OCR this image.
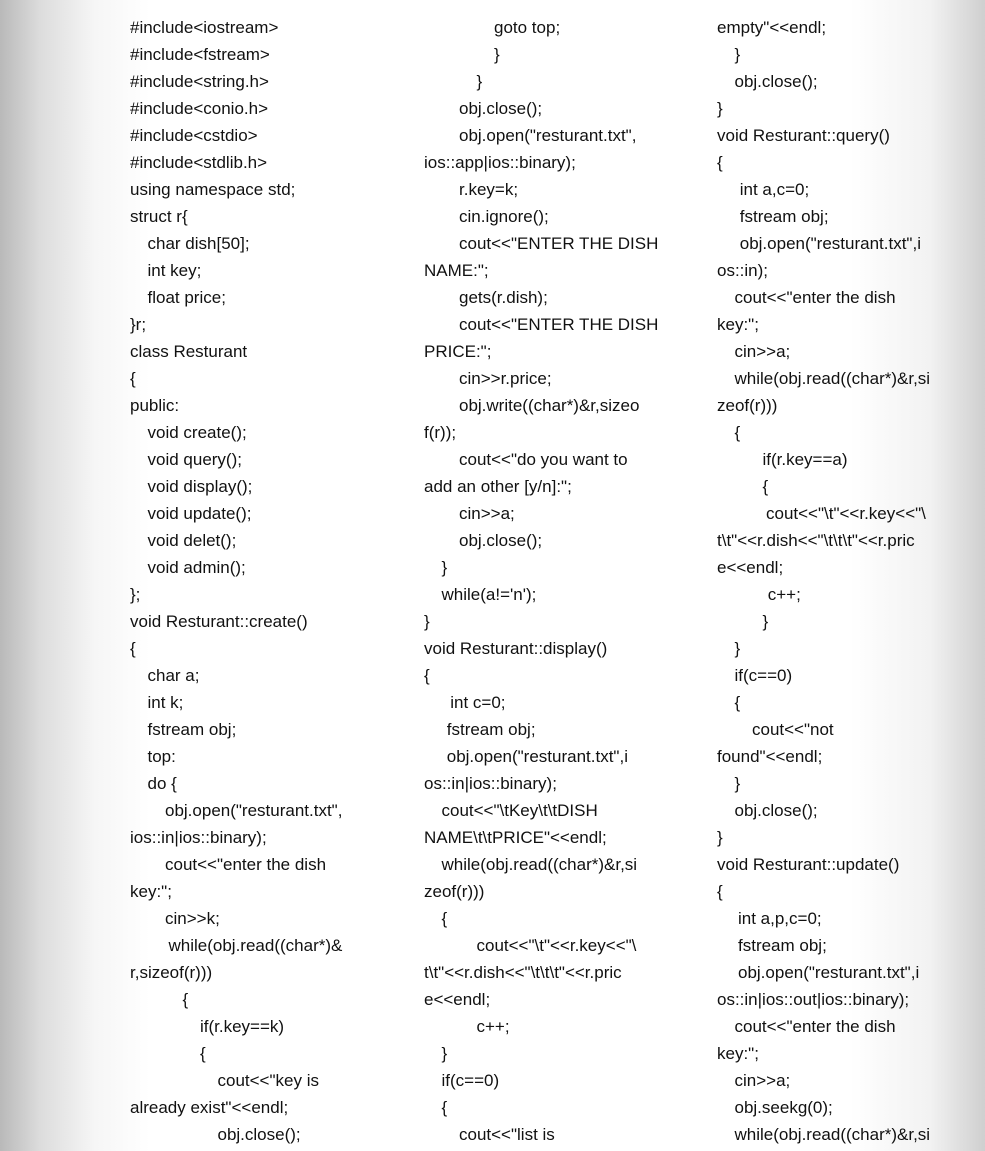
#include<iostream>
#include<fstream>
#include<string.h>
#include<conio.h>
#include<cstdio>
#include<stdlib.h>
using namespace std;
struct r{
char dish[50];
int key;
float price;
}r;
class Resturant
{
public:
void create();
void query();
void display();
void update();
void delet();
void admin();
};
void Resturant::create()
{
char a;
int k;
fstream obj;
top:
do {
obj.open("resturant.txt",
ios::in|ios::binary);
cout<<"enter the dish
key:";
cin>>k;
while(obj.read((char*)&
r,sizeof(r)))
{
if(r.key==k)
{
cout<<"key is
already exist"<<endl;
obj.close();
goto top;
}
}
obj.close();
obj.open("resturant.txt",
ios::app|ios::binary);
r.key=k;
cin.ignore();
cout<<"ENTER THE DISH
NAME:";
gets(r.dish);
cout<<"ENTER THE DISH
PRICE:";
cin>>r.price;
obj.write((char*)&r,sizeo
f(r));
cout<<"do you want to
add an other [y/n]:";
cin>>a;
obj.close();
}
while(a!='n');
}
void Resturant::display()
{
int c=0;
fstream obj;
obj.open("resturant.txt",i
os::in|ios::binary);
cout<<"\tKey\t\tDISH
NAME\t\tPRICE"<<endl;
while(obj.read((char*)&r,si
zeof(r)))
{
cout<<"\t"<<r.key<<"\
t\t"<<r.dish<<"\t\t\t"<<r.pric
e<<endl;
c++;
}
if(c==0)
{
cout<<"list is
empty"<<endl;
}
obj.close();
}
void Resturant::query()
{
int a,c=0;
fstream obj;
obj.open("resturant.txt",i
os::in);
cout<<"enter the dish
key:";
cin>>a;
while(obj.read((char*)&r,si
zeof(r)))
{
if(r.key==a)
{
cout<<"\t"<<r.key<<"\
t\t"<<r.dish<<"\t\t\t"<<r.pric
e<<endl;
c++;
}
}
if(c==0)
{
cout<<"not
found"<<endl;
}
obj.close();
}
void Resturant::update()
{
int a,p,c=0;
fstream obj;
obj.open("resturant.txt",i
os::in|ios::out|ios::binary);
cout<<"enter the dish
key:";
cin>>a;
obj.seekg(0);
while(obj.read((char*)&r,si
